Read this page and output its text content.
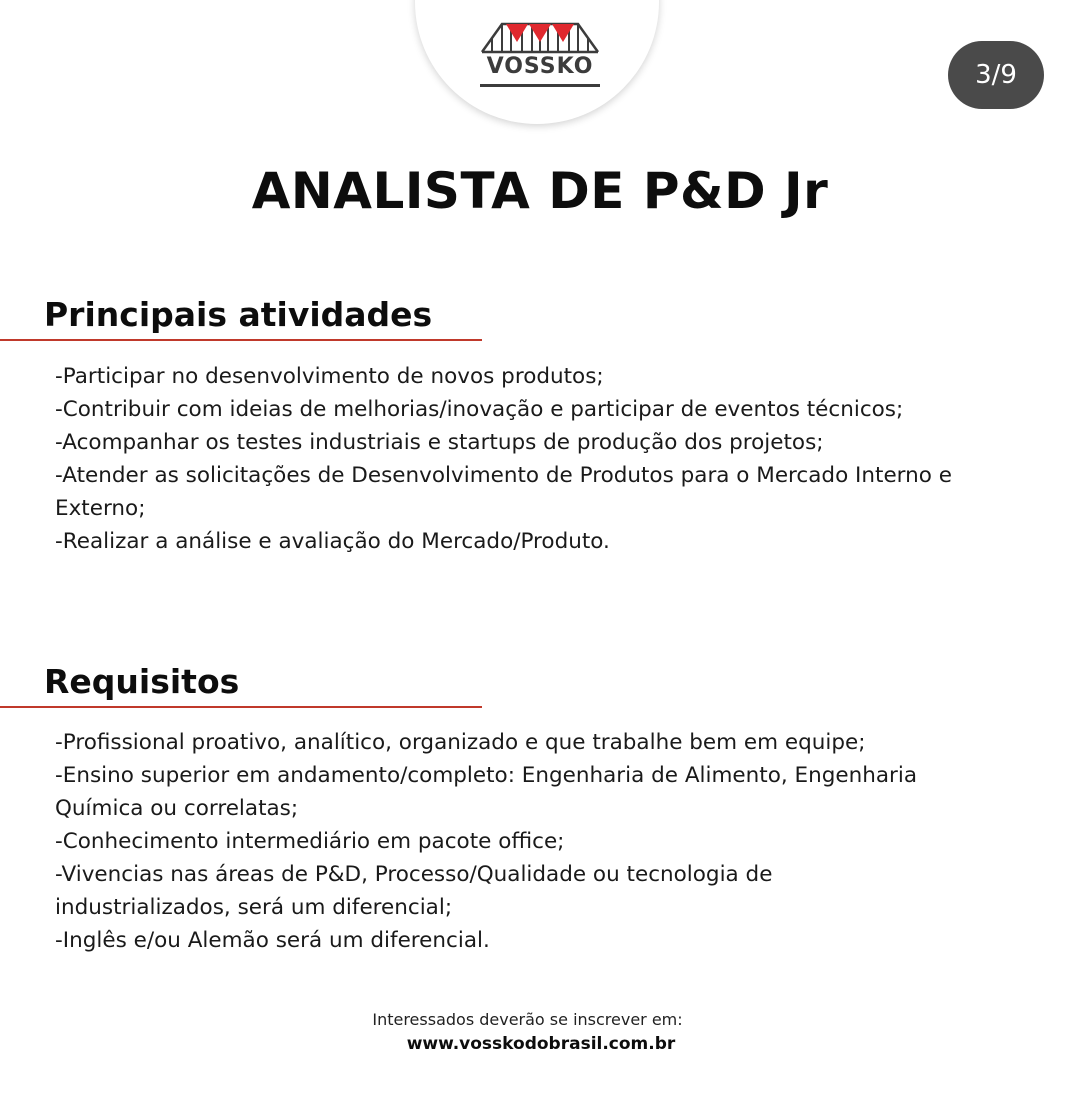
VOSSKO	3/9
ANALISTA DE P&D Jr
Principais atividades
-Participar no desenvolvimento de novos produtos;
-Contribuir com ideias de melhorias/inovação e participar de eventos técnicos;
-Acompanhar os testes industriais e startups de produção dos projetos;
-Atender as solicitações de Desenvolvimento de Produtos para o Mercado Interno e Externo;
-Realizar a análise e avaliação do Mercado/Produto.
Requisitos
-Profissional proativo, analítico, organizado e que trabalhe bem em equipe;
-Ensino superior em andamento/completo: Engenharia de Alimento, Engenharia Química ou correlatas;
-Conhecimento intermediário em pacote office;
-Vivencias nas áreas de P&D, Processo/Qualidade ou tecnologia de industrializados, será um diferencial;
-Inglês e/ou Alemão será um diferencial.
Interessados deverão se inscrever em:
www.vosskodobrasil.com.br
